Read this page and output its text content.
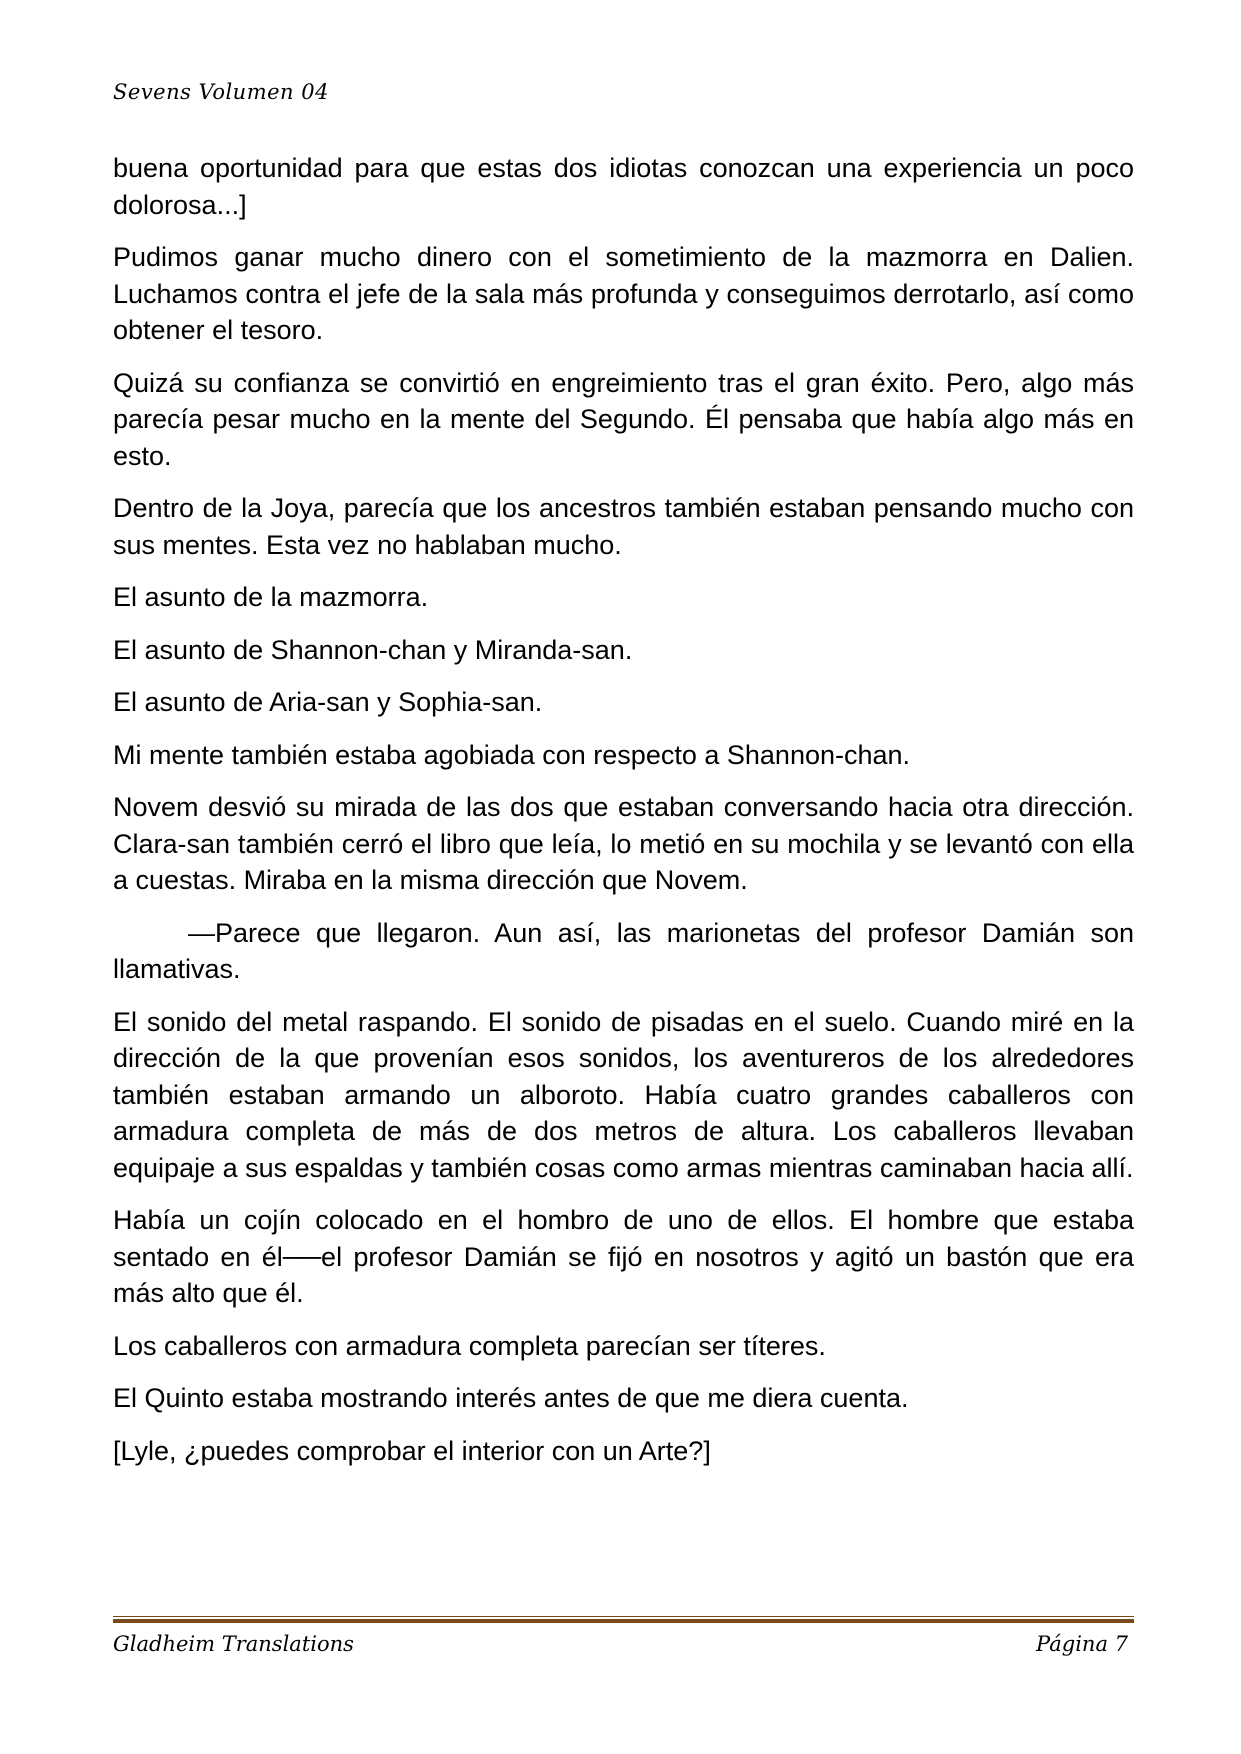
Sevens Volumen 04

buena oportunidad para que estas dos idiotas conozcan una experiencia un poco dolorosa...]

Pudimos ganar mucho dinero con el sometimiento de la mazmorra en Dalien. Luchamos contra el jefe de la sala más profunda y conseguimos derrotarlo, así como obtener el tesoro.

Quizá su confianza se convirtió en engreimiento tras el gran éxito. Pero, algo más parecía pesar mucho en la mente del Segundo. Él pensaba que había algo más en esto.

Dentro de la Joya, parecía que los ancestros también estaban pensando mucho con sus mentes. Esta vez no hablaban mucho.

El asunto de la mazmorra.

El asunto de Shannon-chan y Miranda-san.

El asunto de Aria-san y Sophia-san.

Mi mente también estaba agobiada con respecto a Shannon-chan.

Novem desvió su mirada de las dos que estaban conversando hacia otra dirección. Clara-san también cerró el libro que leía, lo metió en su mochila y se levantó con ella a cuestas. Miraba en la misma dirección que Novem.

—Parece que llegaron. Aun así, las marionetas del profesor Damián son llamativas.

El sonido del metal raspando. El sonido de pisadas en el suelo. Cuando miré en la dirección de la que provenían esos sonidos, los aventureros de los alrededores también estaban armando un alboroto. Había cuatro grandes caballeros con armadura completa de más de dos metros de altura. Los caballeros llevaban equipaje a sus espaldas y también cosas como armas mientras caminaban hacia allí.

Había un cojín colocado en el hombro de uno de ellos. El hombre que estaba sentado en él──el profesor Damián se fijó en nosotros y agitó un bastón que era más alto que él.

Los caballeros con armadura completa parecían ser títeres.

El Quinto estaba mostrando interés antes de que me diera cuenta.

[Lyle, ¿puedes comprobar el interior con un Arte?]

Gladheim Translations	Página 7
